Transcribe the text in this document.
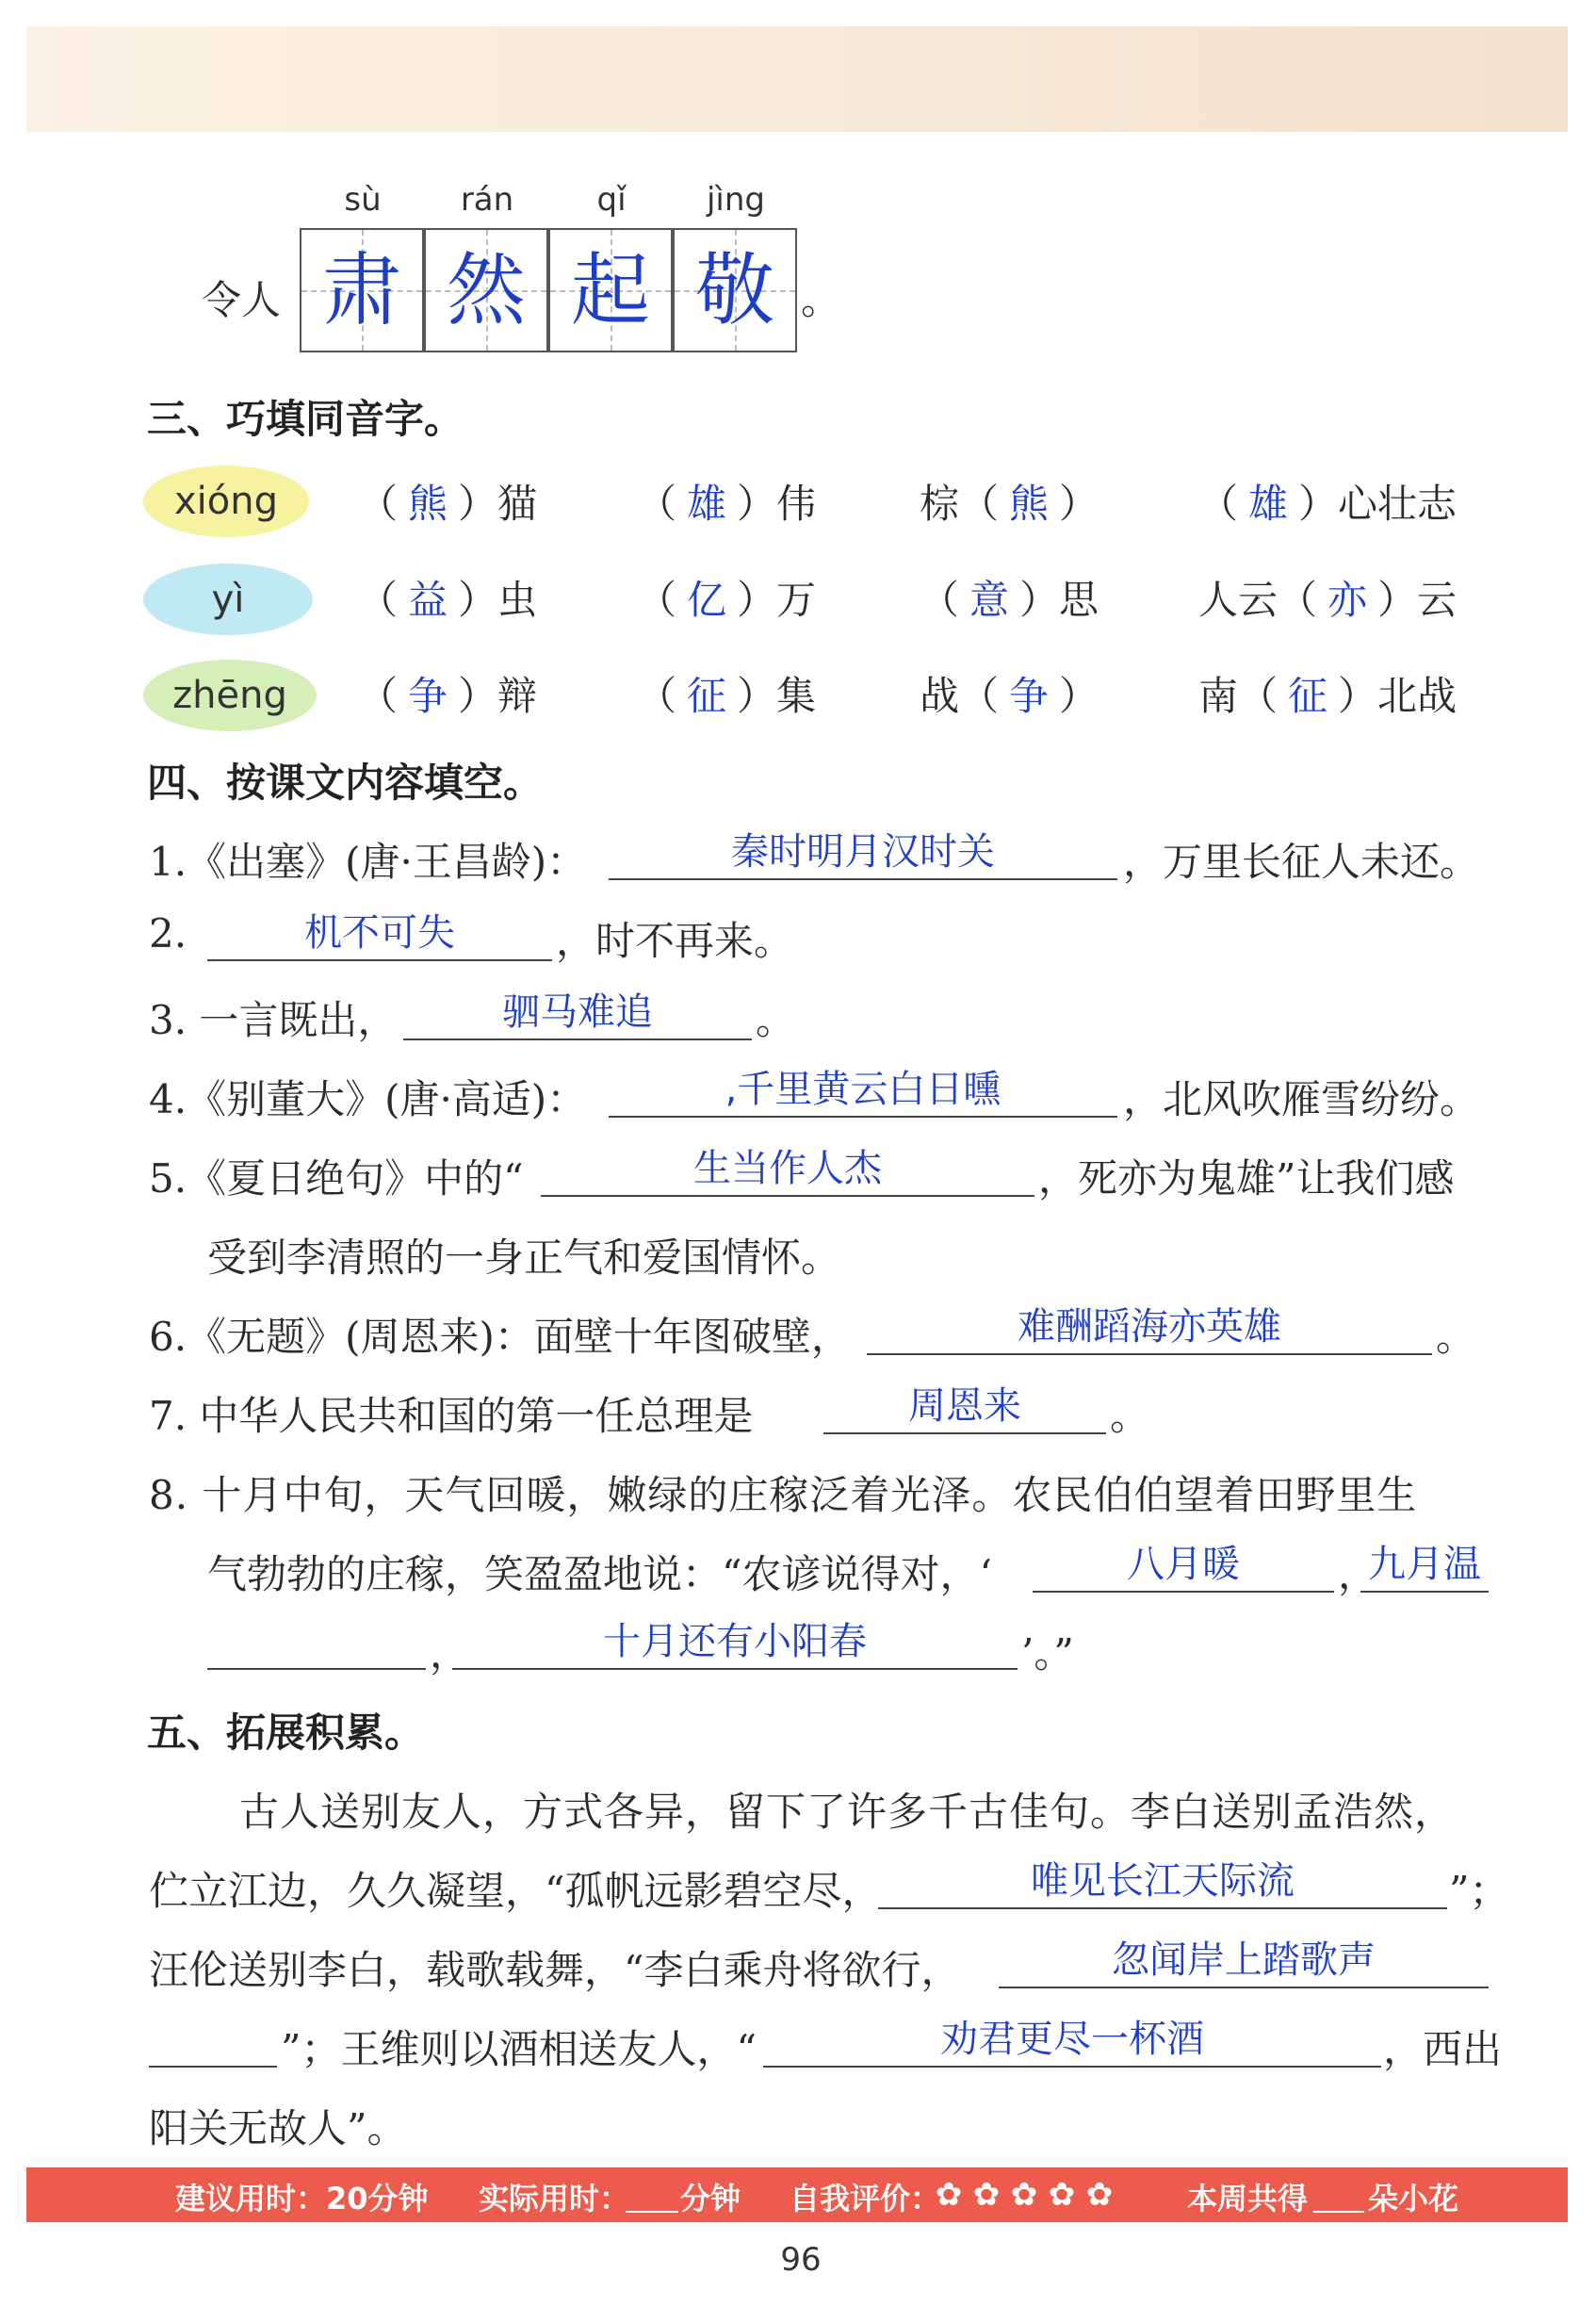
sù	rán	qǐ	jìng
令人 肃 然 起 敬 。
三、巧填同音字。
xióng	（ 熊 ）猫	（ 雄 ）伟	棕（ 熊 ）	（ 雄 ）心壮志
yì	（ 益 ）虫	（ 亿 ）万	（ 意 ）思	人云（ 亦 ）云
zhēng	（ 争 ）辩	（ 征 ）集	战（ 争 ）	南（ 征 ）北战
四、按课文内容填空。
1.《出塞》(唐·王昌龄)：	秦时明月汉时关	，万里长征人未还。
2.	机不可失	，时不再来。
3. 一言既出，	驷马难追	。
4.《别董大》(唐·高适)：	,千里黄云白日曛	，北风吹雁雪纷纷。
5.《夏日绝句》中的“	生当作人杰	，死亦为鬼雄”让我们感
受到李清照的一身正气和爱国情怀。
6.《无题》(周恩来)：面壁十年图破壁，	难酬蹈海亦英雄	。
7. 中华人民共和国的第一任总理是	周恩来	。
8. 十月中旬，天气回暖，嫩绿的庄稼泛着光泽。农民伯伯望着田野里生
气勃勃的庄稼，笑盈盈地说：“农谚说得对，‘	八月暖	，
九月温
，	十月还有小阳春	’。”
五、拓展积累。
古人送别友人，方式各异，留下了许多千古佳句。李白送别孟浩然，
伫立江边，久久凝望，“孤帆远影碧空尽，	唯见长江天际流	”；
汪伦送别李白，载歌载舞，“李白乘舟将欲行，	忽闻岸上踏歌声
”；王维则以酒相送友人，“	劝君更尽一杯酒	，西出
阳关无故人”。
建议用时：20分钟 实际用时： 分钟 自我评价：
✿ ✿ ✿ ✿ ✿ 本周共得 朵小花
96
